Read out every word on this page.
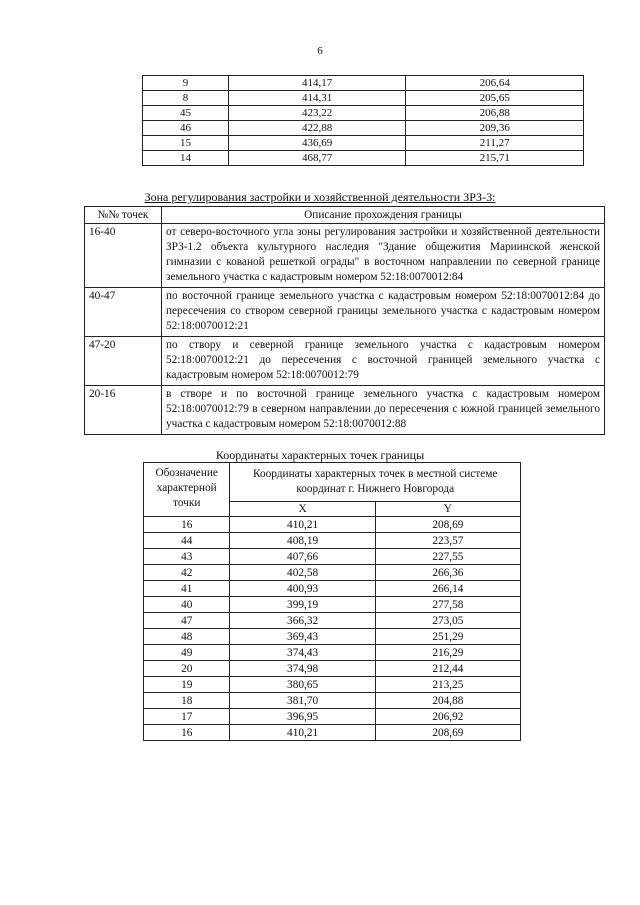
6
9	414,17	206,64
8	414,31	205,65
45	423,22	206,88
46	422,88	209,36
15	436,69	211,27
14	468,77	215,71
Зона регулирования застройки и хозяйственной деятельности ЗРЗ-3:
№№ точек	Описание прохождения границы
16-40	от северо-восточного угла зоны регулирования застройки и хозяйственной деятельности ЗРЗ-1.2 объекта культурного наследия "Здание общежития Мариинской женской гимназии с кованой решеткой ограды" в восточном направлении по северной границе земельного участка с кадастровым номером 52:18:0070012:84
40-47	по восточной границе земельного участка с кадастровым номером 52:18:0070012:84 до пересечения со створом северной границы земельного участка с кадастровым номером 52:18:0070012:21
47-20	по створу и северной границе земельного участка с кадастровым номером 52:18:0070012:21 до пересечения с восточной границей земельного участка с кадастровым номером 52:18:0070012:79
20-16	в створе и по восточной границе земельного участка с кадастровым номером 52:18:0070012:79 в северном направлении до пересечения с южной границей земельного участка с кадастровым номером 52:18:0070012:88
Координаты характерных точек границы
Обозначение характерной точки	Координаты характерных точек в местной системе координат г. Нижнего Новгорода	
	X	Y
16	410,21	208,69
44	408,19	223,57
43	407,66	227,55
42	402,58	266,36
41	400,93	266,14
40	399,19	277,58
47	366,32	273,05
48	369,43	251,29
49	374,43	216,29
20	374,98	212,44
19	380,65	213,25
18	381,70	204,88
17	396,95	206,92
16	410,21	208,69
